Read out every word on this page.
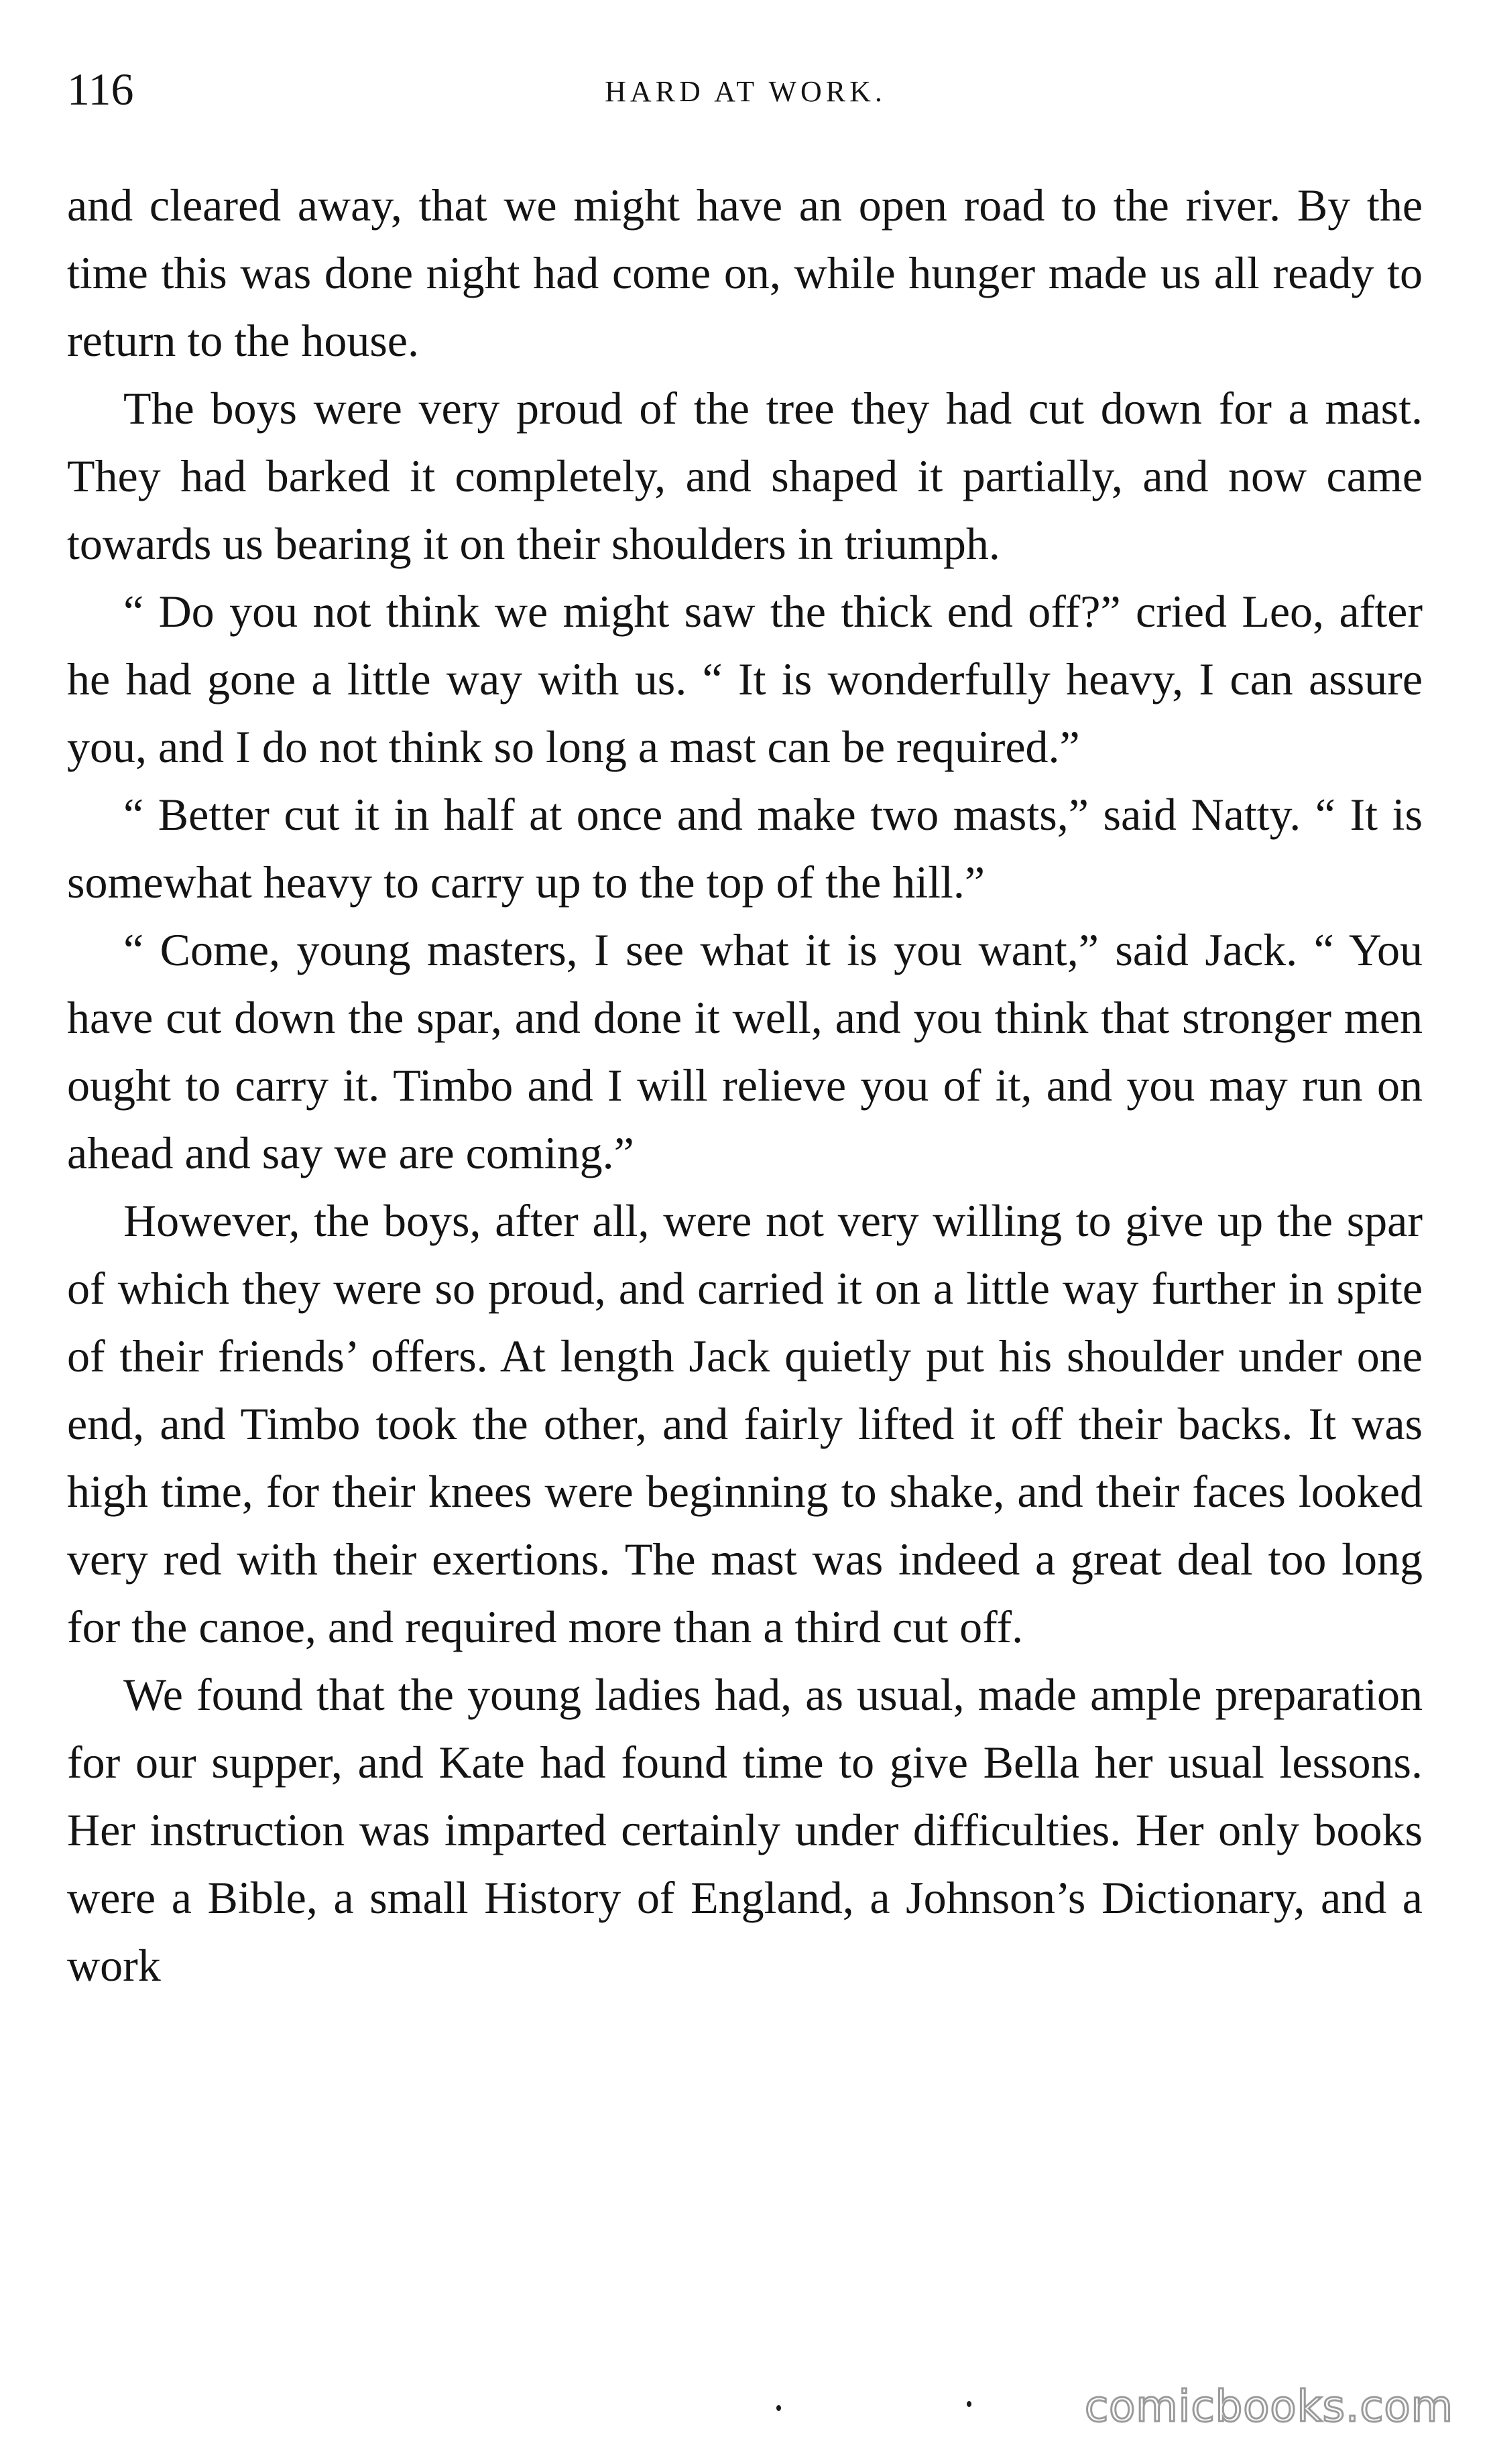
116	HARD AT WORK.

and cleared away, that we might have an open road to the river. By the time this was done night had come on, while hunger made us all ready to return to the house.

The boys were very proud of the tree they had cut down for a mast. They had barked it completely, and shaped it partially, and now came towards us bearing it on their shoulders in triumph.

“ Do you not think we might saw the thick end off?” cried Leo, after he had gone a little way with us. “ It is wonderfully heavy, I can assure you, and I do not think so long a mast can be required.”

“ Better cut it in half at once and make two masts,” said Natty. “ It is somewhat heavy to carry up to the top of the hill.”

“ Come, young masters, I see what it is you want,” said Jack. “ You have cut down the spar, and done it well, and you think that stronger men ought to carry it. Timbo and I will relieve you of it, and you may run on ahead and say we are coming.”

However, the boys, after all, were not very willing to give up the spar of which they were so proud, and carried it on a little way further in spite of their friends’ offers. At length Jack quietly put his shoulder under one end, and Timbo took the other, and fairly lifted it off their backs. It was high time, for their knees were beginning to shake, and their faces looked very red with their exertions. The mast was indeed a great deal too long for the canoe, and required more than a third cut off.

We found that the young ladies had, as usual, made ample preparation for our supper, and Kate had found time to give Bella her usual lessons. Her instruction was imparted certainly under difficulties. Her only books were a Bible, a small History of England, a Johnson’s Dictionary, and a work

comicbooks.com
